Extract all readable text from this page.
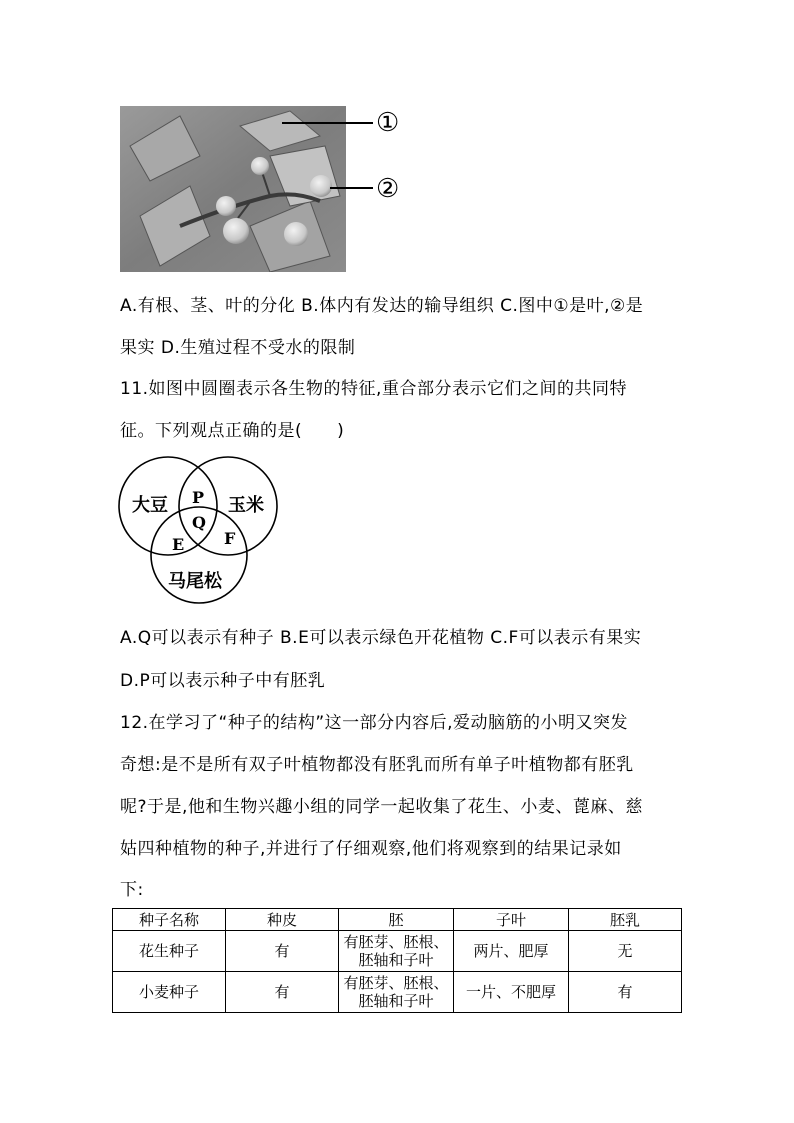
①
②
A.有根、茎、叶的分化 B.体内有发达的输导组织 C.图中①是叶,②是
果实 D.生殖过程不受水的限制
11.如图中圆圈表示各生物的特征,重合部分表示它们之间的共同特
征。下列观点正确的是(　　)
大豆	玉米
马尾松
P
Q
E F
A.Q可以表示有种子 B.E可以表示绿色开花植物 C.F可以表示有果实
D.P可以表示种子中有胚乳
12.在学习了“种子的结构”这一部分内容后,爱动脑筋的小明又突发
奇想:是不是所有双子叶植物都没有胚乳而所有单子叶植物都有胚乳
呢?于是,他和生物兴趣小组的同学一起收集了花生、小麦、蓖麻、慈
姑四种植物的种子,并进行了仔细观察,他们将观察到的结果记录如
下:
种子名称	种皮	胚	子叶	胚乳
花生种子	有	有胚芽、胚根、胚轴和子叶	两片、肥厚	无
小麦种子	有	有胚芽、胚根、胚轴和子叶	一片、不肥厚	有
